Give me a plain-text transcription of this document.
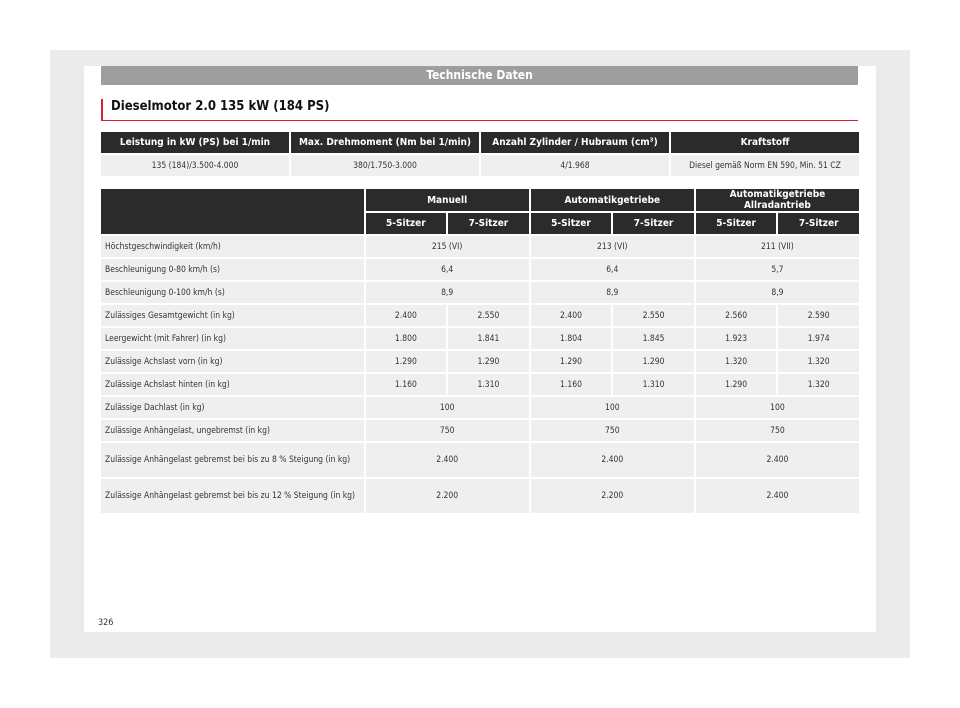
Technische Daten
Dieselmotor 2.0 135 kW (184 PS)
Leistung in kW (PS) bei 1/min	Max. Drehmoment (Nm bei 1/min)	Anzahl Zylinder / Hubraum (cm³)	Kraftstoff
135 (184)/3.500-4.000	380/1.750-3.000	4/1.968	Diesel gemäß Norm EN 590, Min. 51 CZ
	Manuell		Automatikgetriebe		Automatikgetriebe Allradantrieb	
	5-Sitzer	7-Sitzer	5-Sitzer	7-Sitzer	5-Sitzer	7-Sitzer
Höchstgeschwindigkeit (km/h)	215 (VI)		213 (VI)		211 (VII)	
Beschleunigung 0-80 km/h (s)	6,4		6,4		5,7	
Beschleunigung 0-100 km/h (s)	8,9		8,9		8,9	
Zulässiges Gesamtgewicht (in kg)	2.400	2.550	2.400	2.550	2.560	2.590
Leergewicht (mit Fahrer) (in kg)	1.800	1.841	1.804	1.845	1.923	1.974
Zulässige Achslast vorn (in kg)	1.290	1.290	1.290	1.290	1.320	1.320
Zulässige Achslast hinten (in kg)	1.160	1.310	1.160	1.310	1.290	1.320
Zulässige Dachlast (in kg)	100		100		100	
Zulässige Anhängelast, ungebremst (in kg)	750		750		750	
Zulässige Anhängelast gebremst bei bis zu 8 % Steigung (in kg)	2.400		2.400		2.400	
Zulässige Anhängelast gebremst bei bis zu 12 % Steigung (in kg)	2.200		2.200		2.400	
326
